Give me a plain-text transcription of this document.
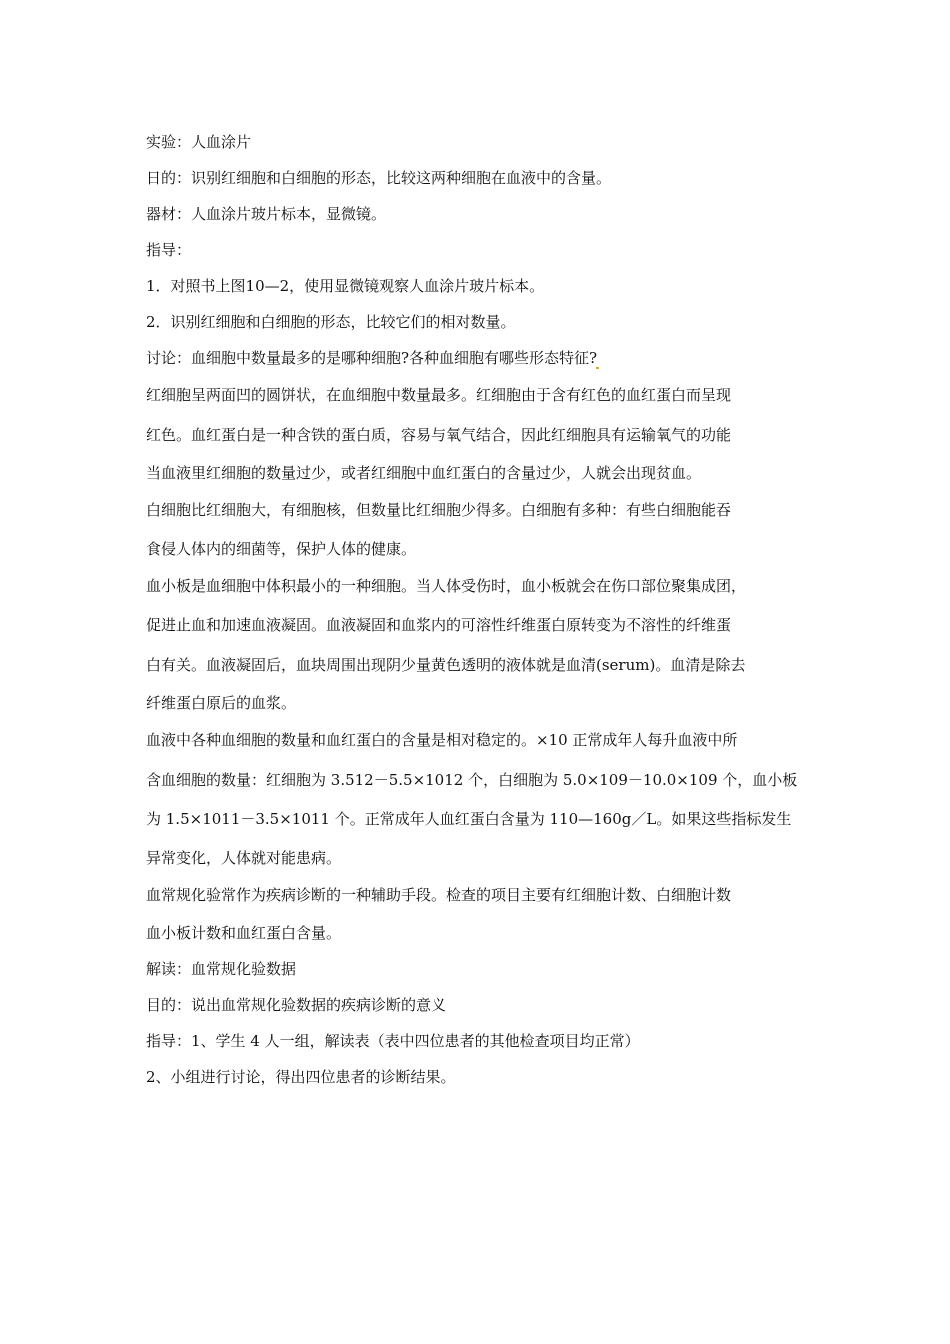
实验：人血涂片

日的：识别红细胞和白细胞的形态，比较这两种细胞在血液中的含量。

器材：人血涂片玻片标本，显微镜。

指导：

1．对照书上图10—2，使用显微镜观察人血涂片玻片标本。

2．识别红细胞和白细胞的形态，比较它们的相对数量。

讨论：血细胞中数量最多的是哪种细胞?各种血细胞有哪些形态特征?

红细胞呈两面凹的圆饼状，在血细胞中数量最多。红细胞由于含有红色的血红蛋白而呈现

红色。血红蛋白是一种含铁的蛋白质，容易与氧气结合，因此红细胞具有运输氧气的功能

当血液里红细胞的数量过少，或者红细胞中血红蛋白的含量过少，人就会出现贫血。

白细胞比红细胞大，有细胞核，但数量比红细胞少得多。白细胞有多种：有些白细胞能吞

食侵人体内的细菌等，保护人体的健康。

血小板是血细胞中体积最小的一种细胞。当人体受伤时，血小板就会在伤口部位聚集成团，

促进止血和加速血液凝固。血液凝固和血浆内的可溶性纤维蛋白原转变为不溶性的纤维蛋

白有关。血液凝固后，血块周围出现阴少量黄色透明的液体就是血清(serum)。血清是除去

纤维蛋白原后的血浆。

血液中各种血细胞的数量和血红蛋白的含量是相对稳定的。×10 正常成年人每升血液中所

含血细胞的数量：红细胞为 3.512－5.5×1012 个，白细胞为 5.0×109－10.0×109 个，血小板

为 1.5×1011－3.5×1011 个。正常成年人血红蛋白含量为 110—160g／L。如果这些指标发生

异常变化，人体就对能患病。

血常规化验常作为疾病诊断的一种辅助手段。检查的项目主要有红细胞计数、白细胞计数

血小板计数和血红蛋白含量。

解读：血常规化验数据

目的：说出血常规化验数据的疾病诊断的意义

指导：1、学生 4 人一组，解读表（表中四位患者的其他检查项目均正常）

2、小组进行讨论，得出四位患者的诊断结果。
